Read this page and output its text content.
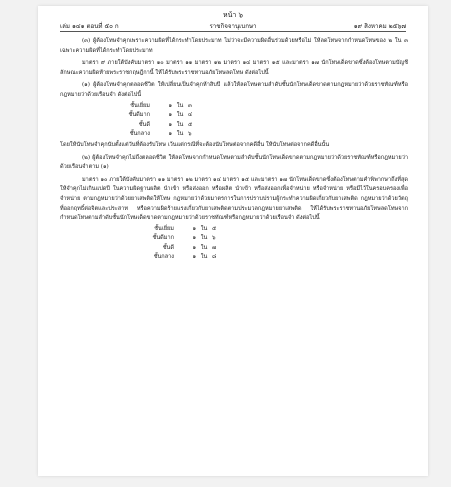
หน้า ๖
เล่ม ๑๔๑ ตอนที่ ๕๐ ก	ราชกิจจานุเบกษา	๑๙ สิงหาคม ๒๕๖๗

(๓) ผู้ต้องโทษจำคุกเพราะความผิดที่ได้กระทำโดยประมาท ไม่ว่าจะมีความผิดอื่นร่วมด้วยหรือไม่ ให้ลดโทษจากกำหนดโทษของ ๒ ใน ๓ เฉพาะความผิดที่ได้กระทำโดยประมาท

มาตรา ๙ ภายใต้บังคับมาตรา ๑๐ มาตรา ๑๑ มาตรา ๑๒ มาตรา ๑๔ มาตรา ๑๕ และมาตรา ๑๗ นักโทษเด็ดขาดซึ่งต้องโทษตามบัญชีลักษณะความผิดท้ายพระราชกฤษฎีกานี้ ให้ได้รับพระราชทานอภัยโทษลดโทษ ดังต่อไปนี้

(๑) ผู้ต้องโทษจำคุกตลอดชีวิต ให้เปลี่ยนเป็นจำคุกห้าสิบปี แล้วให้ลดโทษตามลำดับชั้นนักโทษเด็ดขาดตามกฎหมายว่าด้วยราชทัณฑ์หรือกฎหมายว่าด้วยเรือนจำ ดังต่อไปนี้

ชั้นเยี่ยม	๑ ใน ๓
ชั้นดีมาก	๑ ใน ๔
ชั้นดี	๑ ใน ๕
ชั้นกลาง	๑ ใน ๖

โดยให้นับโทษจำคุกนับตั้งแต่วันที่ต้องรับโทษ เว้นแต่กรณีที่จะต้องนับโทษต่อจากคดีอื่น ให้นับโทษต่อจากคดีอื่นนั้น

(๒) ผู้ต้องโทษจำคุกไม่ถึงตลอดชีวิต ให้ลดโทษจากกำหนดโทษตามลำดับชั้นนักโทษเด็ดขาดตามกฎหมายว่าด้วยราชทัณฑ์หรือกฎหมายว่าด้วยเรือนจำตาม (๑)

มาตรา ๑๐ ภายใต้บังคับมาตรา ๑๑ มาตรา ๑๒ มาตรา ๑๔ มาตรา ๑๕ และมาตรา ๑๗ นักโทษเด็ดขาดซึ่งต้องโทษตามคำพิพากษาถึงที่สุดให้จำคุกไม่เกินแปดปี ในความผิดฐานผลิต นำเข้า หรือส่งออก หรือผลิต นำเข้า หรือส่งออกเพื่อจำหน่าย หรือจำหน่าย หรือมีไว้ในครอบครองเพื่อจำหน่าย ตามกฎหมายว่าด้วยยาเสพติดให้โทษ กฎหมายว่าด้วยมาตรการในการปราบปรามผู้กระทำความผิดเกี่ยวกับยาเสพติด กฎหมายว่าด้วยวัตถุที่ออกฤทธิ์ต่อจิตและประสาท หรือความผิดร้ายแรงเกี่ยวกับยาเสพติดตามประมวลกฎหมายยาเสพติด ให้ได้รับพระราชทานอภัยโทษลดโทษจากกำหนดโทษตามลำดับชั้นนักโทษเด็ดขาดตามกฎหมายว่าด้วยราชทัณฑ์หรือกฎหมายว่าด้วยเรือนจำ ดังต่อไปนี้

ชั้นเยี่ยม	๑ ใน ๕
ชั้นดีมาก	๑ ใน ๖
ชั้นดี	๑ ใน ๗
ชั้นกลาง	๑ ใน ๘
